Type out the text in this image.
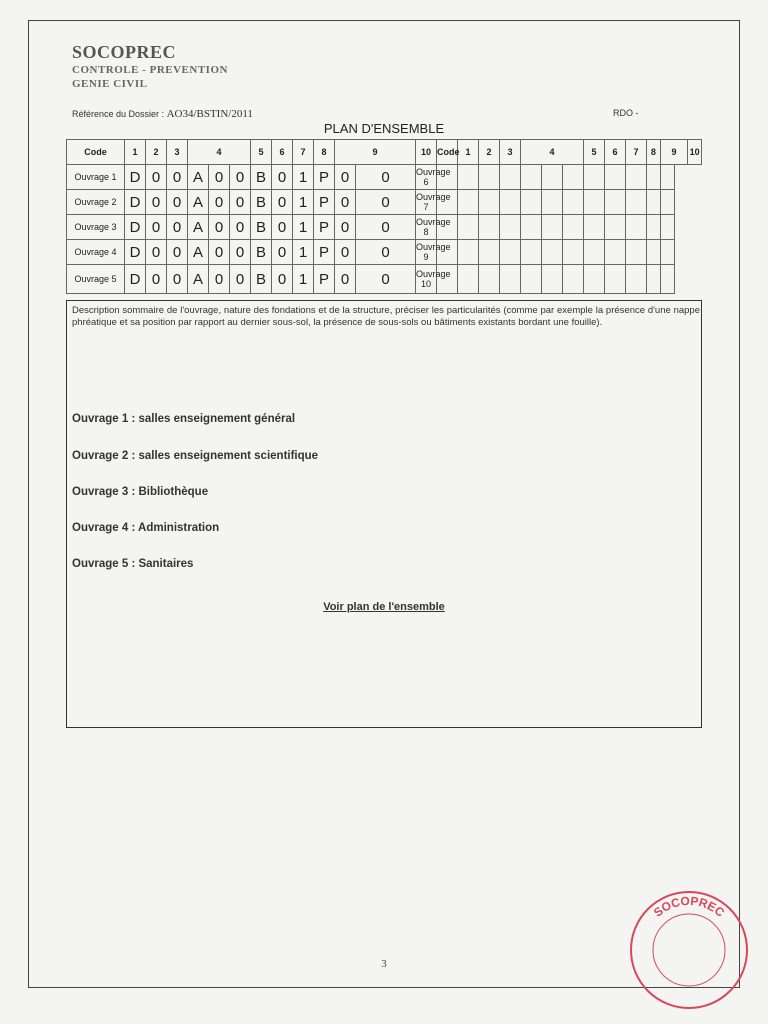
SOCOPREC
CONTROLE - PREVENTION
GENIE CIVIL
Référence du Dossier : AO34/BSTIN/2011	RDO -
PLAN D'ENSEMBLE
Code	1	2	3	4			5	6	7	8	9		10	Code	1	2	3	4			5	6	7	8	9	10
Ouvrage 1	D	0	0	A	0	0	B	0	1	P	0	0	Ouvrage 6													
Ouvrage 2	D	0	0	A	0	0	B	0	1	P	0	0	Ouvrage 7													
Ouvrage 3	D	0	0	A	0	0	B	0	1	P	0	0	Ouvrage 8													
Ouvrage 4	D	0	0	A	0	0	B	0	1	P	0	0	Ouvrage 9													
Ouvrage 5	D	0	0	A	0	0	B	0	1	P	0	0	Ouvrage 10													
Description sommaire de l'ouvrage, nature des fondations et de la structure, préciser les particularités (comme par exemple la présence d'une nappe phréatique et sa position par rapport au dernier sous-sol, la présence de sous-sols ou bâtiments existants bordant une fouille).
Ouvrage 1 : salles enseignement général
Ouvrage 2 : salles enseignement scientifique
Ouvrage 3 : Bibliothèque
Ouvrage 4 : Administration
Ouvrage 5 : Sanitaires
Voir plan de l'ensemble
3
SOCOPREC
